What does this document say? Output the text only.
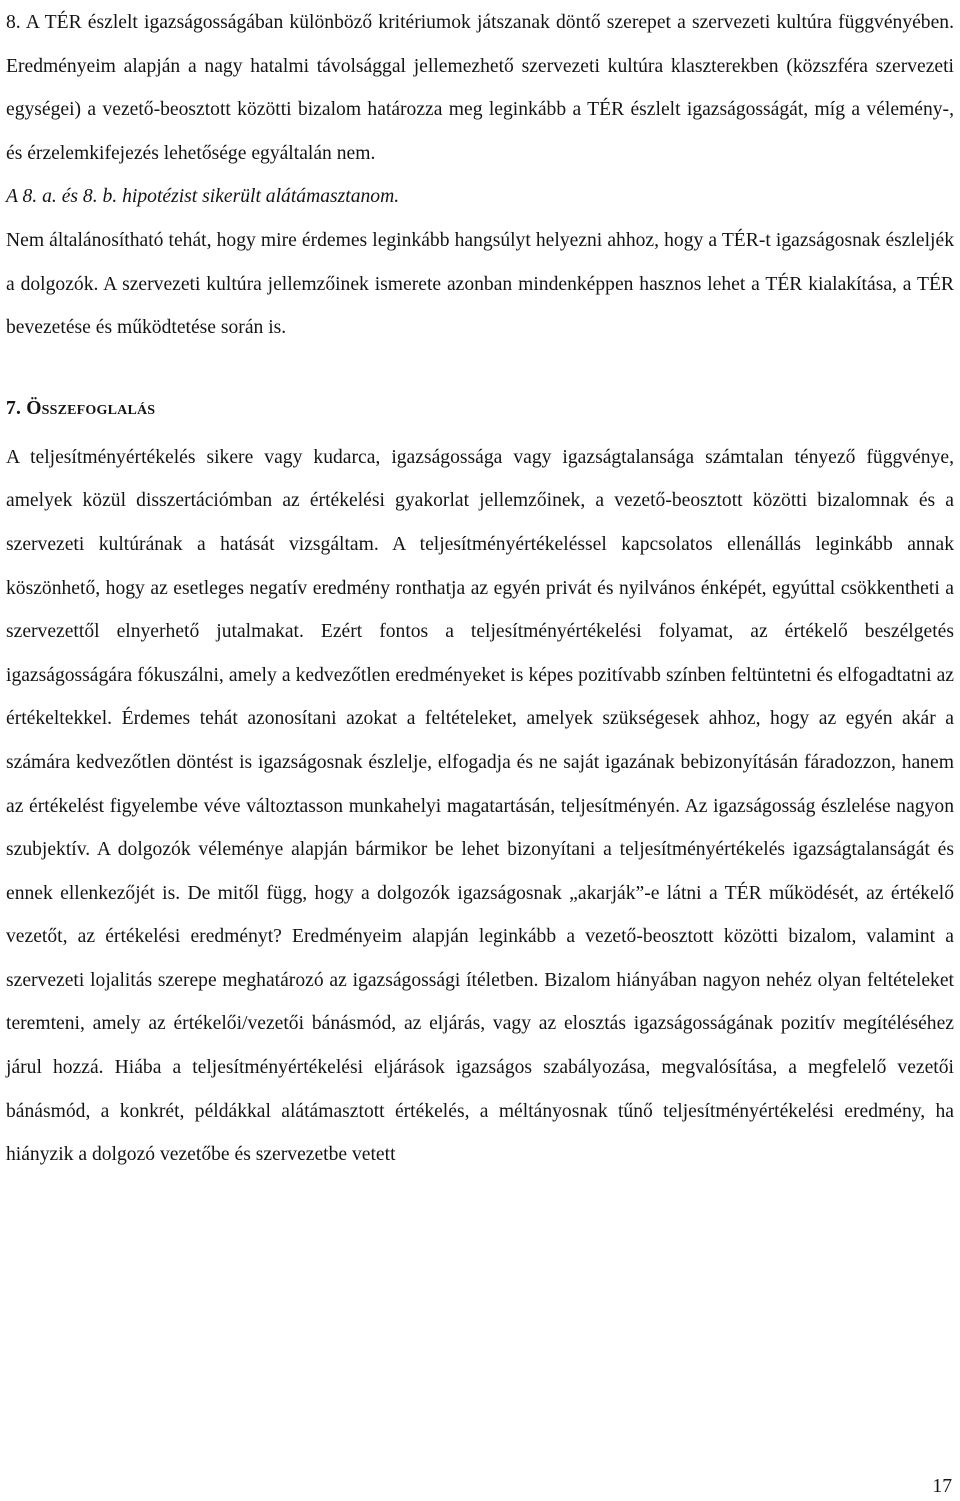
8. A TÉR észlelt igazságosságában különböző kritériumok játszanak döntő szerepet a szervezeti kultúra függvényében. Eredményeim alapján a nagy hatalmi távolsággal jellemezhető szervezeti kultúra klaszterekben (közszféra szervezeti egységei) a vezető-beosztott közötti bizalom határozza meg leginkább a TÉR észlelt igazságosságát, míg a vélemény-, és érzelemkifejezés lehetősége egyáltalán nem.

A 8. a. és 8. b. hipotézist sikerült alátámasztanom.

Nem általánosítható tehát, hogy mire érdemes leginkább hangsúlyt helyezni ahhoz, hogy a TÉR-t igazságosnak észleljék a dolgozók. A szervezeti kultúra jellemzőinek ismerete azonban mindenképpen hasznos lehet a TÉR kialakítása, a TÉR bevezetése és működtetése során is.

7. Összefoglalás

A teljesítményértékelés sikere vagy kudarca, igazságossága vagy igazságtalansága számtalan tényező függvénye, amelyek közül disszertációmban az értékelési gyakorlat jellemzőinek, a vezető-beosztott közötti bizalomnak és a szervezeti kultúrának a hatását vizsgáltam. A teljesítményértékeléssel kapcsolatos ellenállás leginkább annak köszönhető, hogy az esetleges negatív eredmény ronthatja az egyén privát és nyilvános énképét, egyúttal csökkentheti a szervezettől elnyerhető jutalmakat. Ezért fontos a teljesítményértékelési folyamat, az értékelő beszélgetés igazságosságára fókuszálni, amely a kedvezőtlen eredményeket is képes pozitívabb színben feltüntetni és elfogadtatni az értékeltekkel. Érdemes tehát azonosítani azokat a feltételeket, amelyek szükségesek ahhoz, hogy az egyén akár a számára kedvezőtlen döntést is igazságosnak észlelje, elfogadja és ne saját igazának bebizonyításán fáradozzon, hanem az értékelést figyelembe véve változtasson munkahelyi magatartásán, teljesítményén. Az igazságosság észlelése nagyon szubjektív. A dolgozók véleménye alapján bármikor be lehet bizonyítani a teljesítményértékelés igazságtalanságát és ennek ellenkezőjét is. De mitől függ, hogy a dolgozók igazságosnak „akarják”-e látni a TÉR működését, az értékelő vezetőt, az értékelési eredményt? Eredményeim alapján leginkább a vezető-beosztott közötti bizalom, valamint a szervezeti lojalitás szerepe meghatározó az igazságossági ítéletben. Bizalom hiányában nagyon nehéz olyan feltételeket teremteni, amely az értékelői/vezetői bánásmód, az eljárás, vagy az elosztás igazságosságának pozitív megítéléséhez járul hozzá. Hiába a teljesítményértékelési eljárások igazságos szabályozása, megvalósítása, a megfelelő vezetői bánásmód, a konkrét, példákkal alátámasztott értékelés, a méltányosnak tűnő teljesítményértékelési eredmény, ha hiányzik a dolgozó vezetőbe és szervezetbe vetett

17
